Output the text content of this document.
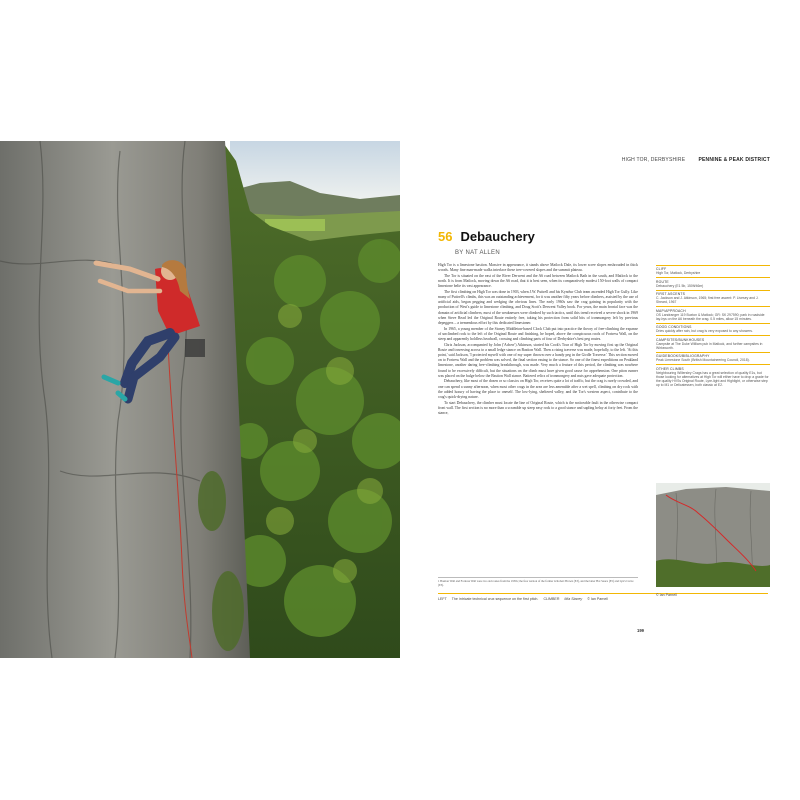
HIGH TOR, DERBYSHIRE	PENNINE & PEAK DISTRICT
56 Debauchery
BY NAT ALLEN

High Tor is a limestone bastion. Massive in appearance, it stands above Matlock Dale, its lower scree slopes enshrouded in thick woods. Many fine man-made walks interlace these tree-covered slopes and the summit plateau.

The Tor is situated on the east of the River Derwent and the A6 road between Matlock Bath in the south, and Matlock to the north. It is from Matlock, moving down the A6 road, that it is best seen, when its comparatively modest 150-foot walls of compact limestone belie its vast appearance.

The first climbing on High Tor was done in 1903, when J.W. Puttrell and his Kyndwr Club team ascended High Tor Gully. Like many of Puttrell's climbs, this was an outstanding achievement, for it was another fifty years before climbers, assisted by the use of artificial aids, began pegging and wedging the obvious lines. The early 1960s saw the crag gaining in popularity with the production of West's guide to limestone climbing, and Doug Scott's Derwent Valley book. For years, the main frontal face was the domain of artificial climbers; most of the weaknesses were climbed by such tactics, until this trend received a severe shock in 1969 when Steve Read led the Original Route entirely free, taking his protection from solid bits of ironmongery left by previous depeggers – a tremendous effort by this dedicated limestoner.

In 1965, a young member of the Stoney Middleton-based Clock Club put into practice the theory of free-climbing the expanse of unclimbed rock to the left of the Original Route and finishing, he hoped, above the conspicuous roofs of Fortress Wall, on the steep and apparently holdless headwall, crossing and climbing parts of four of Derbyshire's best peg routes.

Chris Jackson, accompanied by John ('Acherr') Atkinson, started his Cook's Tour of High Tor by moving first up the Original Route and traversing across to a small ledge stance on Bastion Wall. Then a rising traverse was made, hopefully, to the left. 'At this point,' said Jackson, 'I protected myself with one of my super thrown over a handy peg in the Girdle Traverse.' This section moved on to Fortress Wall and the problem was solved, the final section easing to the stance. So one of the finest expeditions on Peakland limestone, another daring free-climbing breakthrough, was made. Very much a feature of this period, the climbing was nowhere found to be excessively difficult, but the situations on the climb must have given good cause for apprehension. One piton runner was placed on the bulge below the Bastion Wall stance. Battered relics of ironmongery and nuts gave adequate protection.

Debauchery, like most of the dozen or so classics on High Tor, receives quite a lot of traffic, but the crag is rarely crowded, and one can spend a sunny afternoon, when most other crags in the area are less amenable after a wet spell, climbing on dry rock with the added luxury of having the place to oneself. The low-lying, sheltered valley, and the Tor's western aspect, contribute to the crag's quick-drying nature.

To start Debauchery, the climber must locate the line of Original Route, which is the noticeable fault in the otherwise compact front wall. The first section is no more than a scramble up steep easy rock to a good stance and sapling belay at forty feet. From the stance,

1 Bastion Wall and Fortress Wall were two aid routes from the 1950s; the free version of the former is Robert Brown (E3), and the latter Hot Sauce (E5) and Lyn's Curve (E3).
LEFT The intricate technical crux sequence on the first pitch. CLIMBER Mia Stacey © Ian Parnell
199
CLIFF
High Tor, Matlock, Derbyshire
ROUTE
Debauchery (E1 5b, 150ft/46m)
FIRST ASCENTS
C. Jackson and J. Atkinson, 1965; first free ascent: P. Livesey and J. Sheard, 1967
MAP/APPROACH
OS Landranger 119 Buxton & Matlock; GR: SK 297590; park in roadside lay-bys on the A6 beneath the crag. 0.5 miles, allow 15 minutes.
GOOD CONDITIONS
Dries quickly after rain, but crag is very exposed to any showers.
CAMPSITES/BUNKHOUSES
Campsite at The Duke William pub in Matlock, and further campsites in Wirksworth.
GUIDEBOOKS/BIBLIOGRAPHY
Peak Limestone South (British Mountaineering Council, 2018).
OTHER CLIMBS
Neighbouring Willersley Crags has a great selection of quality E1s, but those looking for alternatives at High Tor will either have to drop a grade for the quality HVSs Original Route, Lyre-light and Highlight, or otherwise step up to M1 or Delicatessen, both classic at E2.
© Ian Parnell
